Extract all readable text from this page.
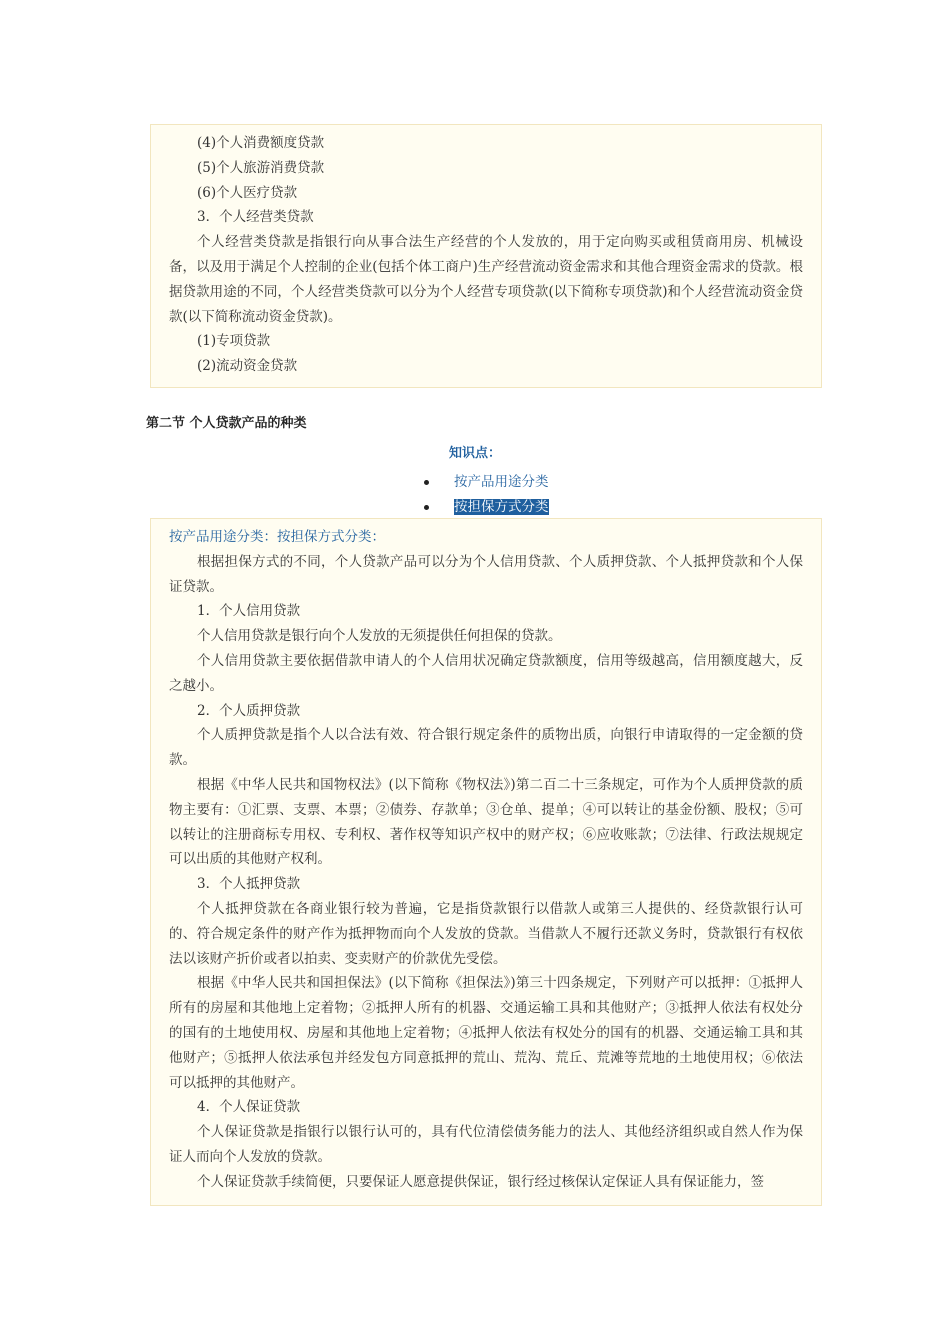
(4)个人消费额度贷款

(5)个人旅游消费贷款

(6)个人医疗贷款

3．个人经营类贷款

个人经营类贷款是指银行向从事合法生产经营的个人发放的，用于定向购买或租赁商用房、机械设备，以及用于满足个人控制的企业(包括个体工商户)生产经营流动资金需求和其他合理资金需求的贷款。根据贷款用途的不同，个人经营类贷款可以分为个人经营专项贷款(以下简称专项贷款)和个人经营流动资金贷款(以下简称流动资金贷款)。

(1)专项贷款

(2)流动资金贷款

第二节 个人贷款产品的种类

知识点：

按产品用途分类
按担保方式分类

按产品用途分类：按担保方式分类：

根据担保方式的不同，个人贷款产品可以分为个人信用贷款、个人质押贷款、个人抵押贷款和个人保证贷款。

1．个人信用贷款

个人信用贷款是银行向个人发放的无须提供任何担保的贷款。

个人信用贷款主要依据借款申请人的个人信用状况确定贷款额度，信用等级越高，信用额度越大，反之越小。

2．个人质押贷款

个人质押贷款是指个人以合法有效、符合银行规定条件的质物出质，向银行申请取得的一定金额的贷款。

根据《中华人民共和国物权法》(以下简称《物权法》)第二百二十三条规定，可作为个人质押贷款的质物主要有：①汇票、支票、本票；②债券、存款单；③仓单、提单；④可以转让的基金份额、股权；⑤可以转让的注册商标专用权、专利权、著作权等知识产权中的财产权；⑥应收账款；⑦法律、行政法规规定可以出质的其他财产权利。

3．个人抵押贷款

个人抵押贷款在各商业银行较为普遍，它是指贷款银行以借款人或第三人提供的、经贷款银行认可的、符合规定条件的财产作为抵押物而向个人发放的贷款。当借款人不履行还款义务时，贷款银行有权依法以该财产折价或者以拍卖、变卖财产的价款优先受偿。

根据《中华人民共和国担保法》(以下简称《担保法》)第三十四条规定，下列财产可以抵押：①抵押人所有的房屋和其他地上定着物；②抵押人所有的机器、交通运输工具和其他财产；③抵押人依法有权处分的国有的土地使用权、房屋和其他地上定着物；④抵押人依法有权处分的国有的机器、交通运输工具和其他财产；⑤抵押人依法承包并经发包方同意抵押的荒山、荒沟、荒丘、荒滩等荒地的土地使用权；⑥依法可以抵押的其他财产。

4．个人保证贷款

个人保证贷款是指银行以银行认可的，具有代位清偿债务能力的法人、其他经济组织或自然人作为保证人而向个人发放的贷款。

个人保证贷款手续简便，只要保证人愿意提供保证，银行经过核保认定保证人具有保证能力，签
